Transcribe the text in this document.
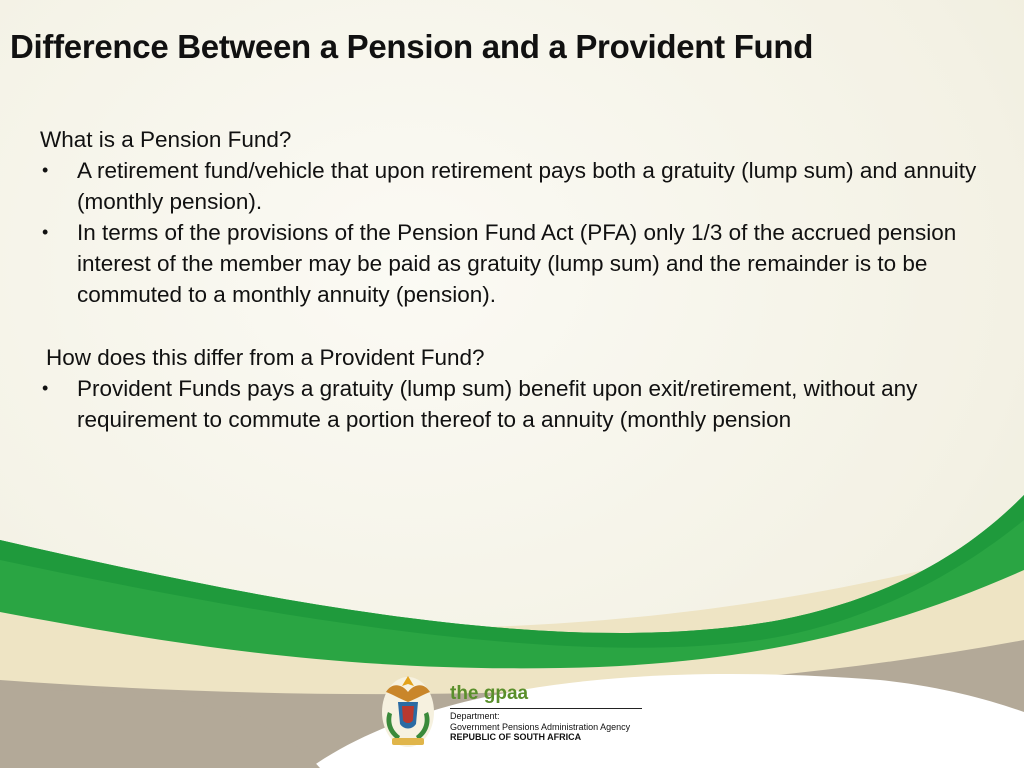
Difference Between a Pension and a Provident Fund

What is a Pension Fund?

• A retirement fund/vehicle that upon retirement pays both a gratuity (lump sum) and annuity (monthly pension).
• In terms of the provisions of the Pension Fund Act (PFA) only 1/3 of the accrued pension interest of the member may be paid as gratuity (lump sum) and the remainder is to be commuted to a monthly annuity (pension).

How does this differ from a Provident Fund?

• Provident Funds pays a gratuity (lump sum) benefit upon exit/retirement, without any requirement to commute a portion thereof to a annuity (monthly pension
the gpaa
Department:
Government Pensions Administration Agency
REPUBLIC OF SOUTH AFRICA
7
